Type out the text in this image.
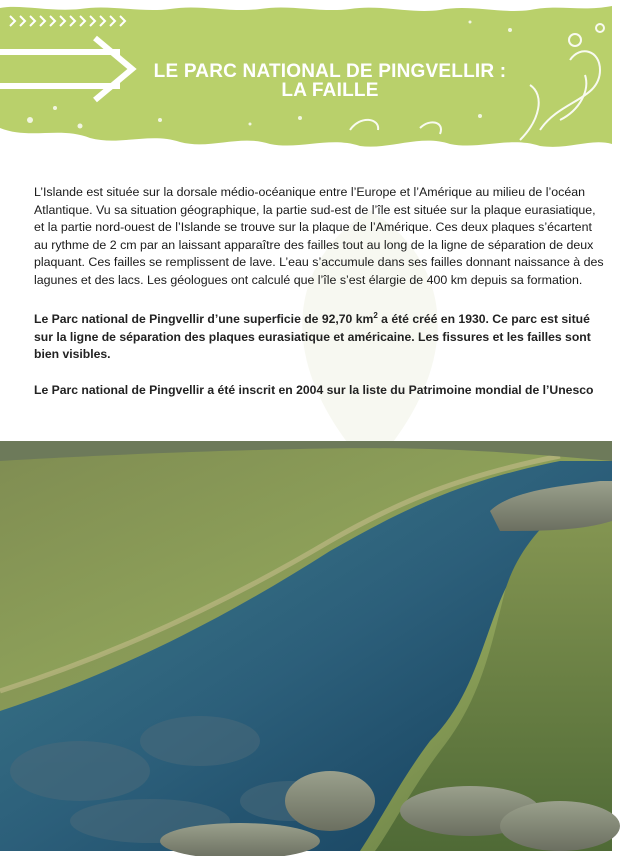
LE PARC NATIONAL DE PINGVELLIR :
LA FAILLE

L’Islande est située sur la dorsale médio-océanique entre l’Europe et l’Amérique au milieu de l’océan Atlantique. Vu sa situation géographique, la partie sud-est de l’île est située sur la plaque eurasiatique, et la partie nord-ouest de l’Islande se trouve sur la plaque de l’Amérique. Ces deux plaques s’écartent au rythme de 2 cm par an laissant apparaître des failles tout au long de la ligne de séparation de deux plaquant. Ces failles se remplissent de lave. L’eau s’accumule dans ses failles donnant naissance à des lagunes et des lacs. Les géologues ont calculé que l’île s’est élargie de 400 km depuis sa formation.

Le Parc national de Pingvellir d’une superficie de 92,70 $km^2$ a été créé en 1930. Ce parc est situé sur la ligne de séparation des plaques eurasiatique et américaine. Les fissures et les failles sont bien visibles.

Le Parc national de Pingvellir a été inscrit en 2004 sur la liste du Patrimoine mondial de l’Unesco

www.em.com
